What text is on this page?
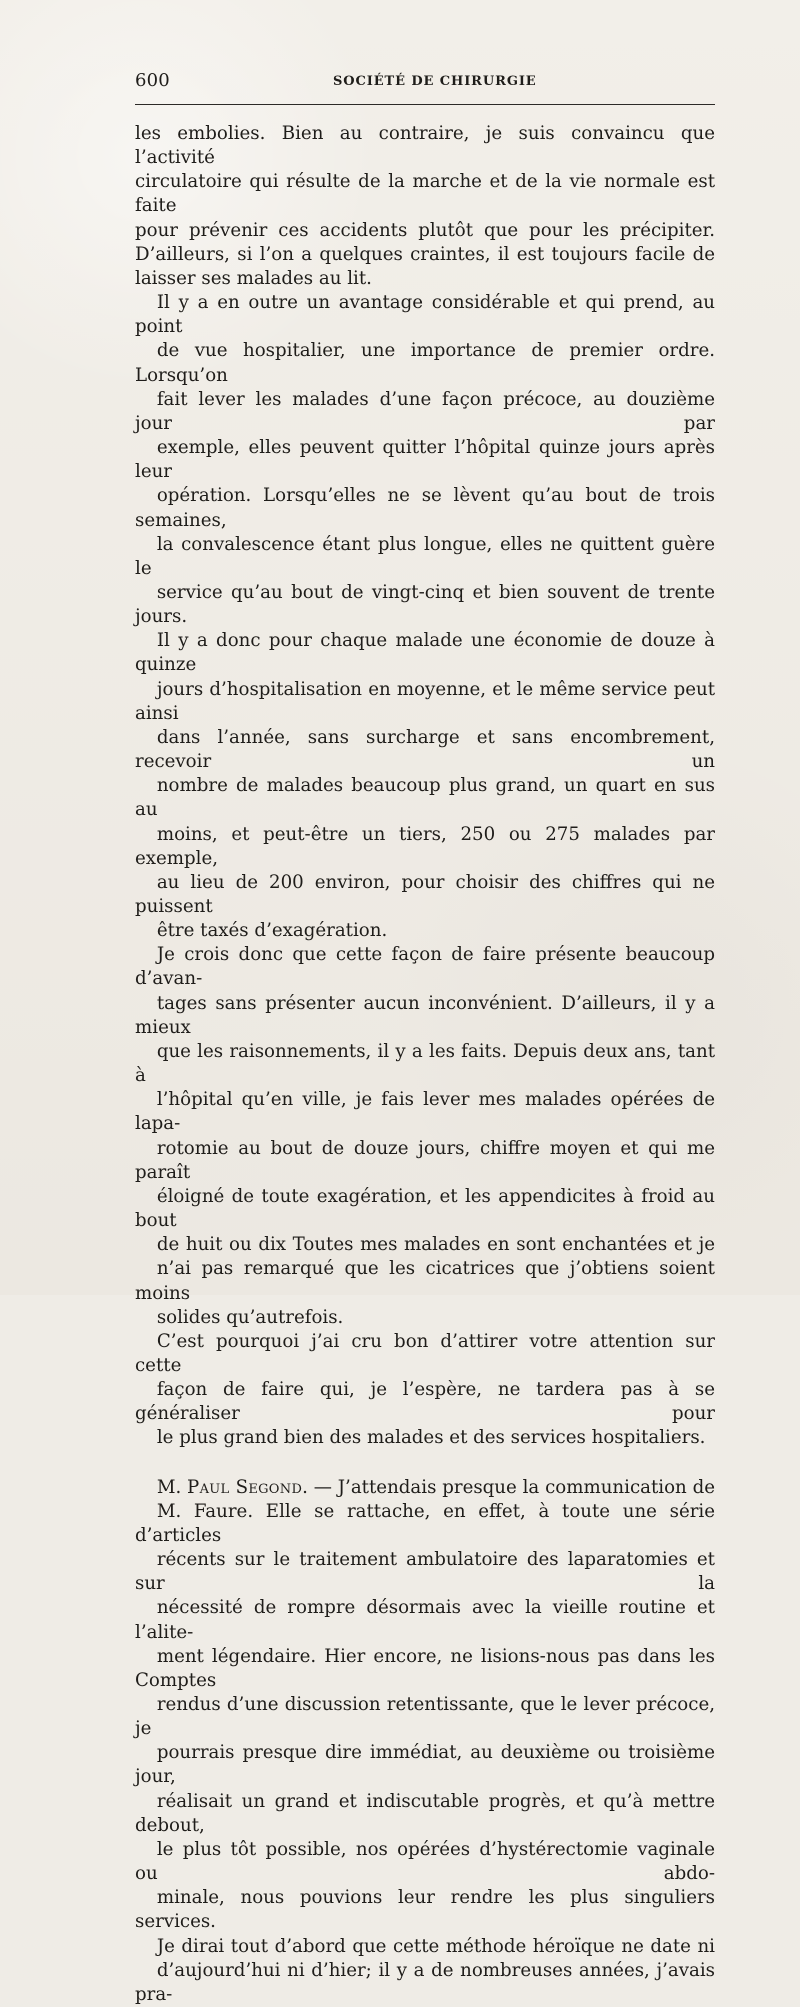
600	SOCIÉTÉ DE CHIRURGIE

les embolies. Bien au contraire, je suis convaincu que l’activité
circulatoire qui résulte de la marche et de la vie normale est faite
pour prévenir ces accidents plutôt que pour les précipiter.
D’ailleurs, si l’on a quelques craintes, il est toujours facile de
laisser ses malades au lit.

Il y a en outre un avantage considérable et qui prend, au point
de vue hospitalier, une importance de premier ordre. Lorsqu’on
fait lever les malades d’une façon précoce, au douzième jour par
exemple, elles peuvent quitter l’hôpital quinze jours après leur
opération. Lorsqu’elles ne se lèvent qu’au bout de trois semaines,
la convalescence étant plus longue, elles ne quittent guère le
service qu’au bout de vingt-cinq et bien souvent de trente jours.
Il y a donc pour chaque malade une économie de douze à quinze
jours d’hospitalisation en moyenne, et le même service peut ainsi
dans l’année, sans surcharge et sans encombrement, recevoir un
nombre de malades beaucoup plus grand, un quart en sus au
moins, et peut-être un tiers, 250 ou 275 malades par exemple,
au lieu de 200 environ, pour choisir des chiffres qui ne puissent
être taxés d’exagération.

Je crois donc que cette façon de faire présente beaucoup d’avan-
tages sans présenter aucun inconvénient. D’ailleurs, il y a mieux
que les raisonnements, il y a les faits. Depuis deux ans, tant à
l’hôpital qu’en ville, je fais lever mes malades opérées de lapa-
rotomie au bout de douze jours, chiffre moyen et qui me paraît
éloigné de toute exagération, et les appendicites à froid au bout
de huit ou dix Toutes mes malades en sont enchantées et je
n’ai pas remarqué que les cicatrices que j’obtiens soient moins
solides qu’autrefois.

C’est pourquoi j’ai cru bon d’attirer votre attention sur cette
façon de faire qui, je l’espère, ne tardera pas à se généraliser pour
le plus grand bien des malades et des services hospitaliers.

M. Paul Segond. — J’attendais presque la communication de
M. Faure. Elle se rattache, en effet, à toute une série d’articles
récents sur le traitement ambulatoire des laparatomies et sur la
nécessité de rompre désormais avec la vieille routine et l’alite-
ment légendaire. Hier encore, ne lisions-nous pas dans les Comptes
rendus d’une discussion retentissante, que le lever précoce, je
pourrais presque dire immédiat, au deuxième ou troisième jour,
réalisait un grand et indiscutable progrès, et qu’à mettre debout,
le plus tôt possible, nos opérées d’hystérectomie vaginale ou abdo-
minale, nous pouvions leur rendre les plus singuliers services.

Je dirai tout d’abord que cette méthode héroïque ne date ni
d’aujourd’hui ni d’hier; il y a de nombreuses années, j’avais pra-
